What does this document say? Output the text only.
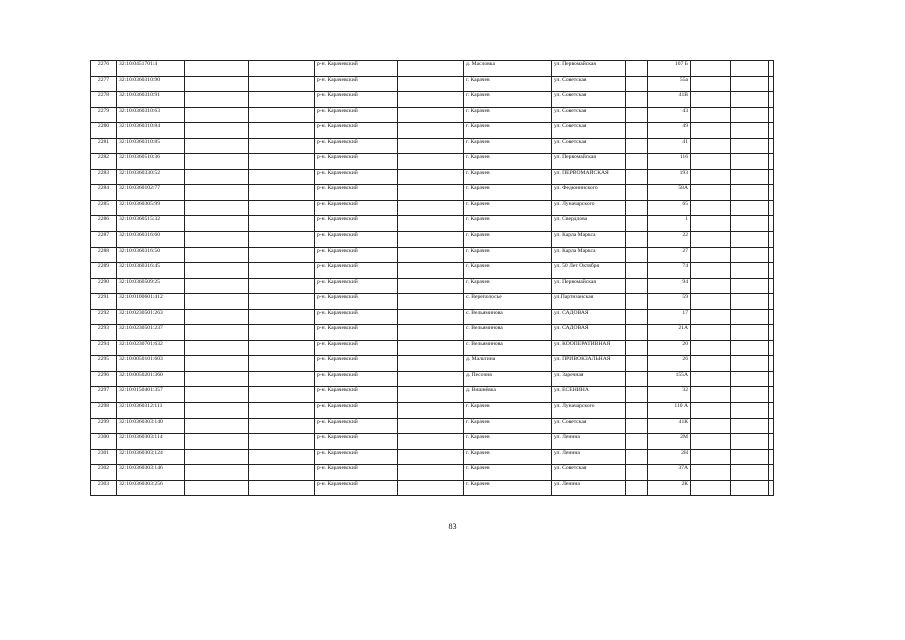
2276	32:10:0451701:4			р-н. Карачевский		д. Масловка	ул. Первомайская		107 Б			
2277	32:10:0360310:90			р-н. Карачевский		г. Карачев	ул. Советская		55а			
2278	32:10:0360310:91			р-н. Карачевский		г. Карачев	ул. Советская		41В			
2279	32:10:0360310:63			р-н. Карачевский		г. Карачев	ул. Советская		43			
2280	32:10:0360310:84			р-н. Карачевский		г. Карачев	ул. Советская		49			
2281	32:10:0360310:85			р-н. Карачевский		г. Карачев	ул. Советская		41			
2282	32:10:0360510:36			р-н. Карачевский		г. Карачев	ул. Первомайская		116			
2283	32:10:0360330:52			р-н. Карачевский		г. Карачев	ул. ПЕРВОМАЙСКАЯ		193			
2284	32:10:0360102:77			р-н. Карачевский		г. Карачев	ул. Федюнинского		58А			
2285	32:10:0360305:99			р-н. Карачевский		г. Карачев	ул. Луначарского		65			
2286	32:10:0360515:32			р-н. Карачевский		г. Карачев	ул. Свердлова		1			
2287	32:10:0360316:60			р-н. Карачевский		г. Карачев	ул. Карла Маркса		22			
2288	32:10:0360316:50			р-н. Карачевский		г. Карачев	ул. Карла Маркса		27			
2289	32:10:0360316:45			р-н. Карачевский		г. Карачев	ул. 50 Лет Октября		74			
2290	32:10:0360509:25			р-н. Карачевский		г. Карачев	ул. Первомайская		94			
2291	32:10:0100601:412			р-н. Карачевский		с. Вереполосье	ул.Партизанская		59			
2292	32:10:0230501:263			р-н. Карачевский		с. Вельяминова	ул. САДОВАЯ		17			
2293	32:10:0230501:237			р-н. Карачевский		с. Вельяминова	ул. САДОВАЯ		21А			
2294	32:10:0230701:632			р-н. Карачевский		с. Вельяминова	ул. КООПЕРАТИВНАЯ		20			
2295	32:10:0050101:603			р-н. Карачевский		д. Мальтина	ул. ПРИВОКЗАЛЬНАЯ		26			
2296	32:10:0050201:360			р-н. Карачевский		д. Песочня	ул. Заречная		155А			
2297	32:10:0150401:357			р-н. Карачевский		д. Вишнёвка	ул. ЕСЕНИНА		32			
2298	32:10:0360312:111			р-н. Карачевский		г. Карачев	ул. Луначарского		110 А			
2299	32:10:0360303:140			р-н. Карачевский		г. Карачев	ул. Советская		41К			
2300	32:10:0360303:114			р-н. Карачевский		г. Карачев	ул. Ленина		2М			
2301	32:10:0360303:124			р-н. Карачевский		г. Карачев	ул. Ленина		2Н			
2302	32:10:0360303:146			р-н. Карачевский		г. Карачев	ул. Советская		37А			
2303	32:10:0360303:256			р-н. Карачевский		г. Карачев	ул. Ленина		2К			
83
